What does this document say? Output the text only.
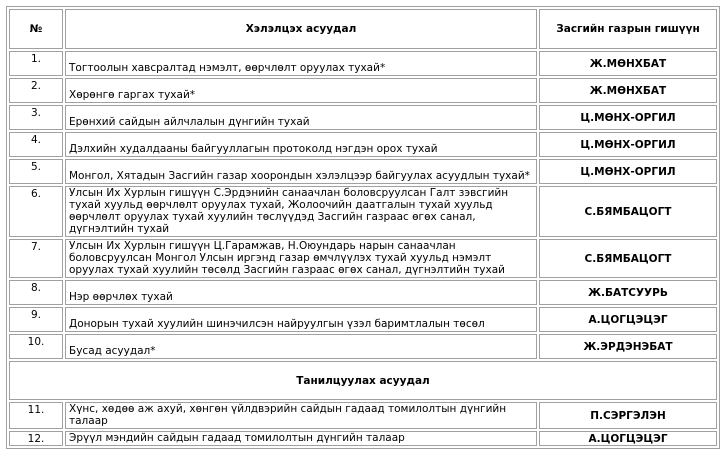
№	Хэлэлцэх асуудал	Засгийн газрын гишүүн
1.	Тогтоолын хавсралтад нэмэлт, өөрчлөлт оруулах тухай*	Ж.МӨНХБАТ
2.	Хөрөнгө гаргах тухай*	Ж.МӨНХБАТ
3.	Ерөнхий сайдын айлчлалын дүнгийн тухай	Ц.МӨНХ-ОРГИЛ
4.	Дэлхийн худалдааны байгууллагын протоколд нэгдэн орох тухай	Ц.МӨНХ-ОРГИЛ
5.	Монгол, Хятадын Засгийн газар хоорондын хэлэлцээр байгуулах асуудлын тухай*	Ц.МӨНХ-ОРГИЛ
6.	Улсын Их Хурлын гишүүн С.Эрдэнийн санаачлан боловсруулсан Галт зэвсгийн тухай хуульд өөрчлөлт оруулах тухай, Жолоочийн даатгалын тухай хуульд өөрчлөлт оруулах тухай хуулийн төслүүдэд Засгийн газраас өгөх санал, дүгнэлтийн тухай	С.БЯМБАЦОГТ
7.	Улсын Их Хурлын гишүүн Ц.Гарамжав, Н.Оюундарь нарын санаачлан боловсруулсан Монгол Улсын иргэнд газар өмчлүүлэх тухай хуульд нэмэлт оруулах тухай хуулийн төсөлд Засгийн газраас өгөх санал, дүгнэлтийн тухай	С.БЯМБАЦОГТ
8.	Нэр өөрчлөх тухай	Ж.БАТСУУРЬ
9.	Донорын тухай хуулийн шинэчилсэн найруулгын үзэл баримтлалын төсөл	А.ЦОГЦЭЦЭГ
10.	Бусад асуудал*	Ж.ЭРДЭНЭБАТ
Танилцуулах асуудал		
11.	Хүнс, хөдөө аж ахуй, хөнгөн үйлдвэрийн сайдын гадаад томилолтын дүнгийн талаар	П.СЭРГЭЛЭН
12.	Эрүүл мэндийн сайдын гадаад томилолтын дүнгийн талаар	А.ЦОГЦЭЦЭГ
